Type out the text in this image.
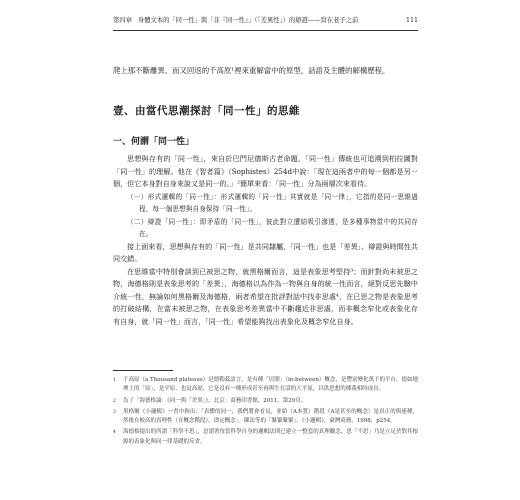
第四章 身體文本的「同一性」與「非『同一性』」（「差異性」）的辯證——寫在老子之前	111
爬上那不斷離異、而又回返的千高原¹裡來重解當中的原型，話語及主體的解構歷程。
壹、由當代思潮探討「同一性」的思維
一、何謂「同一性」

思想與存有的「同一性」，來自於巴門尼德斯古老命題，「同一性」傳統也可追溯到柏拉圖對「同一性」的理解。他在《智者篇》（Sophistes）254d中說：「現在這兩者中的每一個都是另一個，但它本身對自身來說又是同一的。」²簡單來看：「同一性」分為兩層次來看待。

（一）形式邏輯的「同一性」：形式邏輯的「同一性」其實就是「同一律」，它指的是同一思維過程，每一個思想與自身保持「同一性」。

（二）辯證「同一性」：即矛盾的「同一性」，彼此對立遭結吸引滲透，是多種事物當中的共同存在。

接上面來看，思想與存有的「同一性」是共同隸屬，「同一性」也是「差異」、辯證與時間性共同交錯。

在思維當中特別會談到已被思之物，就黑格爾而言，這是表象思考堅持³；而針對尚未被思之物，海德格則是表象思考的「差異」，海德格以為作為一物與自身的統一性而言，絕對反思先驗中介統一性，無論如何黑格爾及海德格，兩者希望在批評對話中找非思處⁴，在已思之物是表象思考的打破結構，在當未被思之物，在表象思考差異當中不斷趨近非思處，而非概念窄化或表象化存有自身，就「同一性」而言，「同一性」希望能夠找出表象化及概念窄化自身。

1	千高原（a Thousand plateaus）是德勒茲語言，是有種「居間」（in-between）概念，是豐富變化萬千的平台，德如地理上的「原」，是平原、也是高原，它是沒有一種形成甚至再與生在話的大平原，以供思想的種落相時成長。
2	為了「海德格論：《同一與「差異」》，北京：商務印書館，2011，第29頁。
3	黑格爾《小邏輯》一書中指出：「表體的同一，我們將會看見，並給（A本質）階段（A是甚至的概念）是真正的與連種，然後在較高的真理性（在概念階段），即定概念」。陳法等的「緊緊緊緊」，《小邏輯》，臺灣商務，1998，p254。
4	海德格提出的所謂「科學不思」，意謂著每當科學自身的邏輯法則已建立一整套的真理觀念，思「不思」乃是立足於對其根源的表象化與同一律基礎的反省。
